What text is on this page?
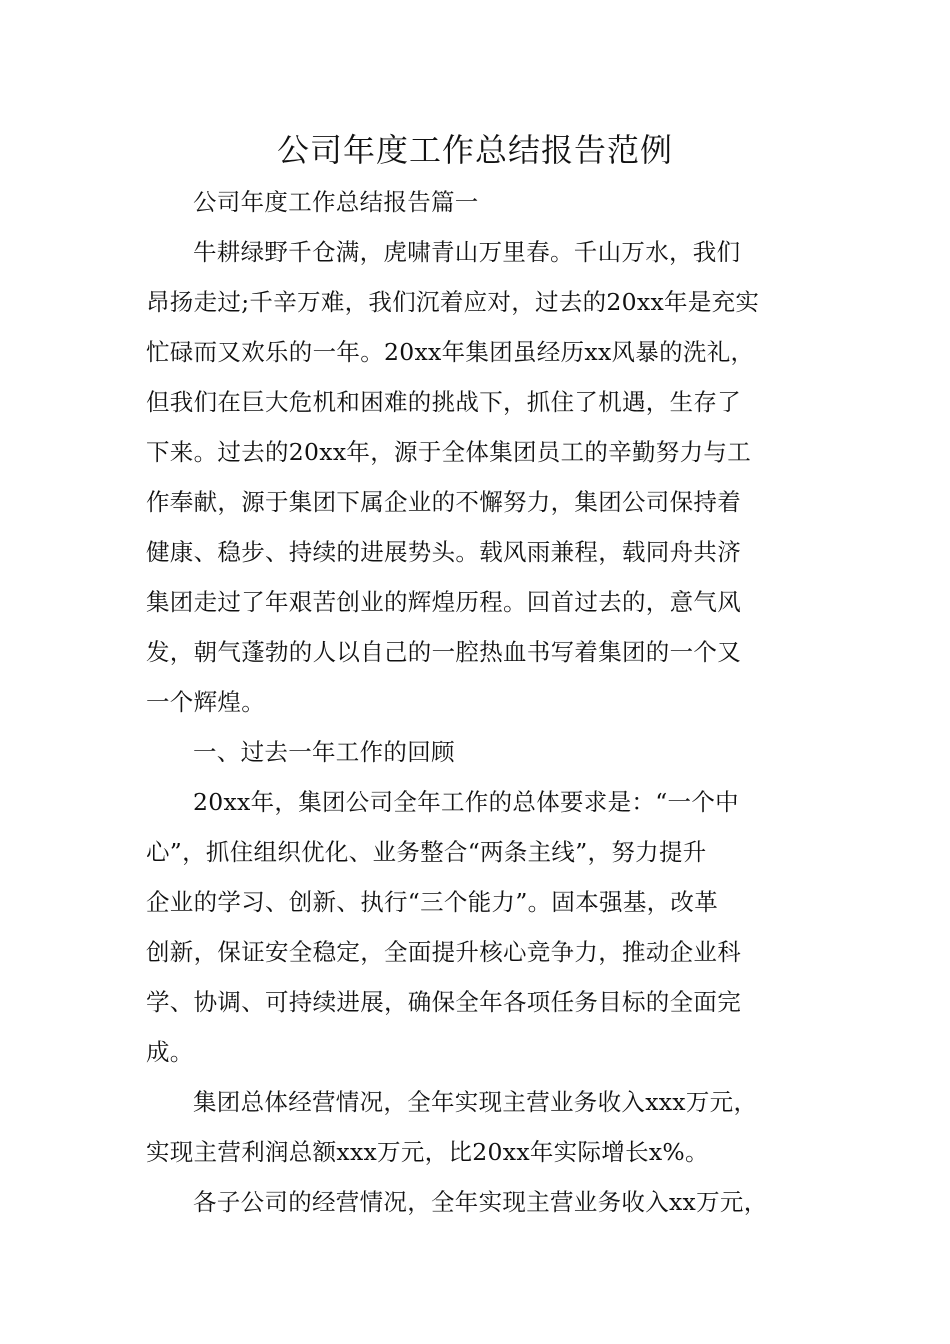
公司年度工作总结报告范例
公司年度工作总结报告篇一
牛耕绿野千仓满，虎啸青山万里春。千山万水，我们
昂扬走过;千辛万难，我们沉着应对，过去的20xx年是充实
忙碌而又欢乐的一年。20xx年集团虽经历xx风暴的洗礼，
但我们在巨大危机和困难的挑战下，抓住了机遇，生存了
下来。过去的20xx年，源于全体集团员工的辛勤努力与工
作奉献，源于集团下属企业的不懈努力，集团公司保持着
健康、稳步、持续的进展势头。载风雨兼程，载同舟共济
集团走过了年艰苦创业的辉煌历程。回首过去的，意气风
发，朝气蓬勃的人以自己的一腔热血书写着集团的一个又
一个辉煌。
一、过去一年工作的回顾
20xx年，集团公司全年工作的总体要求是：“一个中
心”，抓住组织优化、业务整合“两条主线”，努力提升
企业的学习、创新、执行“三个能力”。固本强基，改革
创新，保证安全稳定，全面提升核心竞争力，推动企业科
学、协调、可持续进展，确保全年各项任务目标的全面完
成。
集团总体经营情况，全年实现主营业务收入xxx万元，
实现主营利润总额xxx万元，比20xx年实际增长x%。
各子公司的经营情况，全年实现主营业务收入xx万元，
